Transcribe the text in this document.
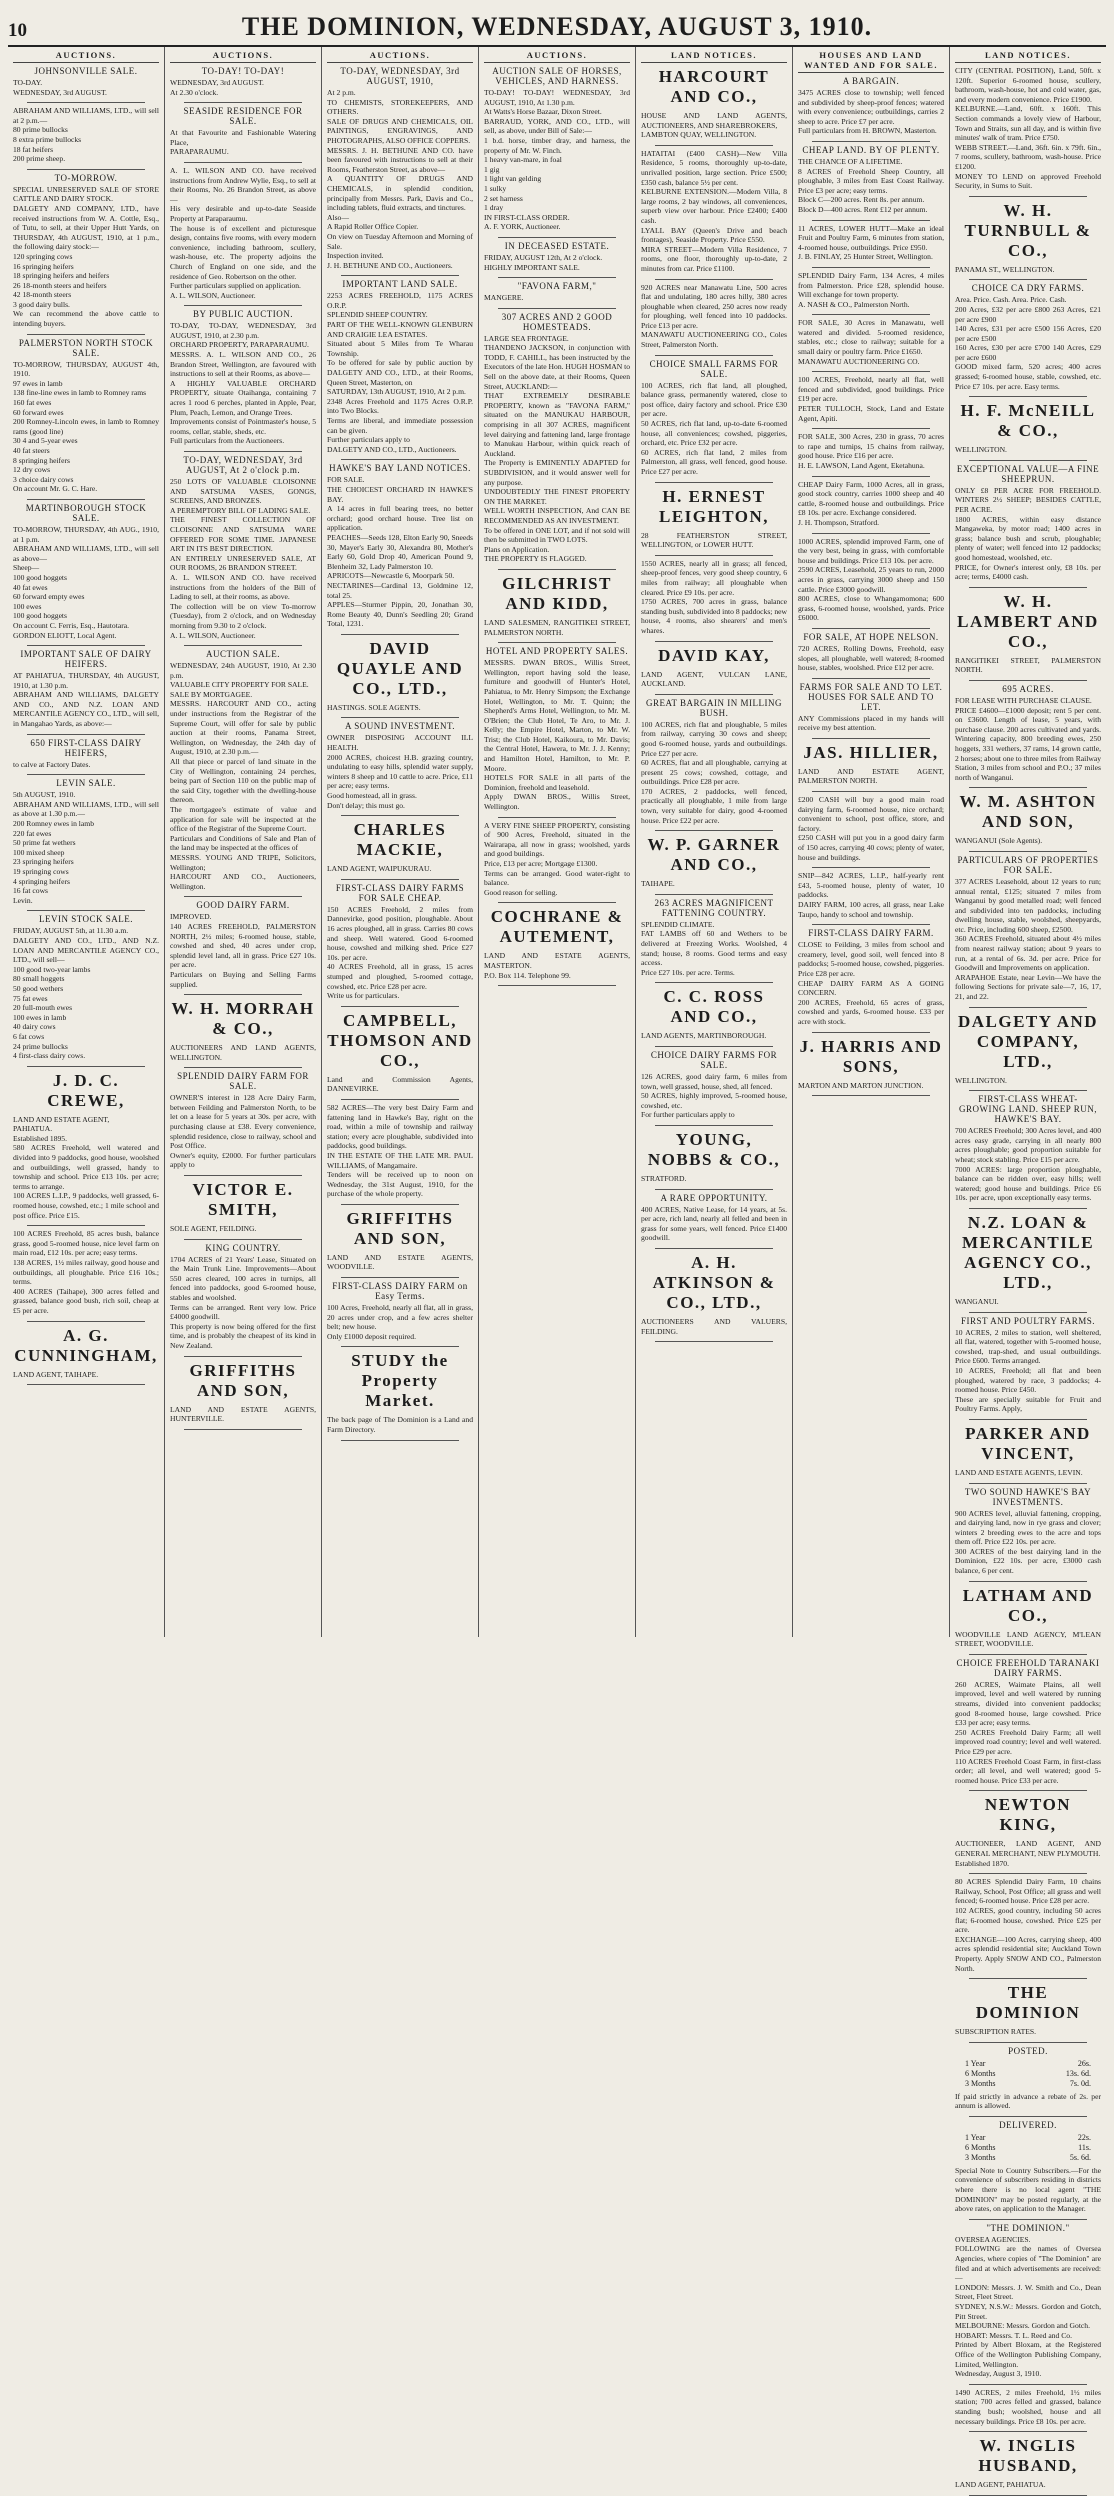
10	THE DOMINION, WEDNESDAY, AUGUST 3, 1910.
AUCTIONS.
JOHNSONVILLE SALE.

TO-DAY.

WEDNESDAY, 3rd AUGUST.

ABRAHAM AND WILLIAMS, LTD., will sell at 2 p.m.—

80 prime bullocks

8 extra prime bullocks

18 fat heifers

200 prime sheep.

TO-MORROW.

SPECIAL UNRESERVED SALE OF STORE CATTLE AND DAIRY STOCK.

DALGETY AND COMPANY, LTD., have received instructions from W. A. Cottle, Esq., of Tutu, to sell, at their Upper Hutt Yards, on THURSDAY, 4th AUGUST, 1910, at 1 p.m., the following dairy stock:—

120 springing cows

16 springing heifers

18 springing heifers and heifers

26 18-month steers and heifers

42 18-month steers

3 good dairy bulls.

We can recommend the above cattle to intending buyers.

PALMERSTON NORTH STOCK SALE.

TO-MORROW, THURSDAY, AUGUST 4th, 1910.

97 ewes in lamb

138 fine-line ewes in lamb to Romney rams

160 fat ewes

60 forward ewes

200 Romney-Lincoln ewes, in lamb to Romney rams (good line)

30 4 and 5-year ewes

40 fat steers

8 springing heifers

12 dry cows

3 choice dairy cows

On account Mr. G. C. Hare.

MARTINBOROUGH STOCK SALE.

TO-MORROW, THURSDAY, 4th AUG., 1910, at 1 p.m.

ABRAHAM AND WILLIAMS, LTD., will sell as above—

Sheep—

100 good hoggets

40 fat ewes

60 forward empty ewes

100 ewes

100 good hoggets

On account C. Ferris, Esq., Hautotara.

GORDON ELIOTT, Local Agent.

IMPORTANT SALE OF DAIRY HEIFERS.

AT PAHIATUA, THURSDAY, 4th AUGUST, 1910, at 1.30 p.m.

ABRAHAM AND WILLIAMS, DALGETY AND CO., AND N.Z. LOAN AND MERCANTILE AGENCY CO., LTD., will sell, in Mangahao Yards, as above:—

650 FIRST-CLASS DAIRY HEIFERS,

to calve at Factory Dates.

LEVIN SALE.

5th AUGUST, 1910.

ABRAHAM AND WILLIAMS, LTD., will sell as above at 1.30 p.m.—

200 Romney ewes in lamb

220 fat ewes

50 prime fat wethers

100 mixed sheep

23 springing heifers

19 springing cows

4 springing heifers

16 fat cows

Levin.

LEVIN STOCK SALE.

FRIDAY, AUGUST 5th, at 11.30 a.m.

DALGETY AND CO., LTD., AND N.Z. LOAN AND MERCANTILE AGENCY CO., LTD., will sell—

100 good two-year lambs

80 small hoggets

50 good wethers

75 fat ewes

20 full-mouth ewes

100 ewes in lamb

40 dairy cows

6 fat cows

24 prime bullocks

4 first-class dairy cows.

J. D. C. CREWE,

LAND AND ESTATE AGENT,

PAHIATUA.

Established 1895.

580 ACRES Freehold, well watered and divided into 9 paddocks, good house, woolshed and outbuildings, well grassed, handy to township and school. Price £13 10s. per acre; terms to arrange.

100 ACRES L.I.P., 9 paddocks, well grassed, 6-roomed house, cowshed, etc.; 1 mile school and post office. Price £15.

100 ACRES Freehold, 85 acres bush, balance grass, good 5-roomed house, nice level farm on main road, £12 10s. per acre; easy terms.

138 ACRES, 1½ miles railway, good house and outbuildings, all ploughable. Price £16 10s.; terms.

400 ACRES (Taihape), 300 acres felled and grassed, balance good bush, rich soil, cheap at £5 per acre.

A. G. CUNNINGHAM,

LAND AGENT, TAIHAPE.

AUCTIONS.
TO-DAY! TO-DAY!

WEDNESDAY, 3rd AUGUST.

At 2.30 o'clock.

SEASIDE RESIDENCE FOR SALE.

At that Favourite and Fashionable Watering Place,

PARAPARAUMU.

A. L. WILSON AND CO. have received instructions from Andrew Wylie, Esq., to sell at their Rooms, No. 26 Brandon Street, as above—

His very desirable and up-to-date Seaside Property at Paraparaumu.

The house is of excellent and picturesque design, contains five rooms, with every modern convenience, including bathroom, scullery, wash-house, etc. The property adjoins the Church of England on one side, and the residence of Geo. Robertson on the other.

Further particulars supplied on application.

A. L. WILSON, Auctioneer.

BY PUBLIC AUCTION.

TO-DAY, TO-DAY, WEDNESDAY, 3rd AUGUST, 1910, at 2.30 p.m.

ORCHARD PROPERTY, PARAPARAUMU.

MESSRS. A. L. WILSON AND CO., 26 Brandon Street, Wellington, are favoured with instructions to sell at their Rooms, as above—

A HIGHLY VALUABLE ORCHARD PROPERTY, situate Otaihanga, containing 7 acres 1 rood 6 perches, planted in Apple, Pear, Plum, Peach, Lemon, and Orange Trees.

Improvements consist of Pointmaster's house, 5 rooms, cellar, stable, sheds, etc.

Full particulars from the Auctioneers.

TO-DAY, WEDNESDAY, 3rd AUGUST, At 2 o'clock p.m.

250 LOTS OF VALUABLE CLOISONNE AND SATSUMA VASES, GONGS, SCREENS, AND BRONZES.

A PEREMPTORY BILL OF LADING SALE.

THE FINEST COLLECTION OF CLOISONNE AND SATSUMA WARE OFFERED FOR SOME TIME. JAPANESE ART IN ITS BEST DIRECTION.

AN ENTIRELY UNRESERVED SALE, AT OUR ROOMS, 26 BRANDON STREET.

A. L. WILSON AND CO. have received instructions from the holders of the Bill of Lading to sell, at their rooms, as above.

The collection will be on view To-morrow (Tuesday), from 2 o'clock, and on Wednesday morning from 9.30 to 2 o'clock.

A. L. WILSON, Auctioneer.

AUCTION SALE.

WEDNESDAY, 24th AUGUST, 1910, At 2.30 p.m.

VALUABLE CITY PROPERTY FOR SALE.

SALE BY MORTGAGEE.

MESSRS. HARCOURT AND CO., acting under instructions from the Registrar of the Supreme Court, will offer for sale by public auction at their rooms, Panama Street, Wellington, on Wednesday, the 24th day of August, 1910, at 2.30 p.m.—

All that piece or parcel of land situate in the City of Wellington, containing 24 perches, being part of Section 110 on the public map of the said City, together with the dwelling-house thereon.

The mortgagee's estimate of value and application for sale will be inspected at the office of the Registrar of the Supreme Court.

Particulars and Conditions of Sale and Plan of the land may be inspected at the offices of

MESSRS. YOUNG AND TRIPE, Solicitors, Wellington;

HARCOURT AND CO., Auctioneers, Wellington.

GOOD DAIRY FARM.

IMPROVED.

140 ACRES FREEHOLD, PALMERSTON NORTH, 2½ miles; 6-roomed house, stable, cowshed and shed, 40 acres under crop, splendid level land, all in grass. Price £27 10s. per acre.

Particulars on Buying and Selling Farms supplied.

W. H. MORRAH & CO.,

AUCTIONEERS AND LAND AGENTS, WELLINGTON.

SPLENDID DAIRY FARM FOR SALE.

OWNER'S interest in 128 Acre Dairy Farm, between Feilding and Palmerston North, to be let on a lease for 5 years at 30s. per acre, with purchasing clause at £38. Every convenience, splendid residence, close to railway, school and Post Office.

Owner's equity, £2000. For further particulars apply to

VICTOR E. SMITH,

SOLE AGENT, FEILDING.

KING COUNTRY.

1704 ACRES of 21 Years' Lease, Situated on the Main Trunk Line. Improvements—About 550 acres cleared, 100 acres in turnips, all fenced into paddocks, good 6-roomed house, stables and woolshed.

Terms can be arranged. Rent very low. Price £4000 goodwill.

This property is now being offered for the first time, and is probably the cheapest of its kind in New Zealand.

GRIFFITHS AND SON,

LAND AND ESTATE AGENTS, HUNTERVILLE.

AUCTIONS.
TO-DAY, WEDNESDAY, 3rd AUGUST, 1910,

At 2 p.m.

TO CHEMISTS, STOREKEEPERS, AND OTHERS.

SALE OF DRUGS AND CHEMICALS, OIL PAINTINGS, ENGRAVINGS, AND PHOTOGRAPHS, ALSO OFFICE COPPERS.

MESSRS. J. H. BETHUNE AND CO. have been favoured with instructions to sell at their Rooms, Featherston Street, as above—

A QUANTITY OF DRUGS AND CHEMICALS, in splendid condition, principally from Messrs. Park, Davis and Co., including tablets, fluid extracts, and tinctures.

Also—

A Rapid Roller Office Copier.

On view on Tuesday Afternoon and Morning of Sale.

Inspection invited.

J. H. BETHUNE AND CO., Auctioneers.

IMPORTANT LAND SALE.

2253 ACRES FREEHOLD, 1175 ACRES O.R.P.

SPLENDID SHEEP COUNTRY.

PART OF THE WELL-KNOWN GLENBURN AND CRAIGIE LEA ESTATES.

Situated about 5 Miles from Te Wharau Township.

To be offered for sale by public auction by DALGETY AND CO., LTD., at their Rooms, Queen Street, Masterton, on

SATURDAY, 13th AUGUST, 1910, At 2 p.m.

2348 Acres Freehold and 1175 Acres O.R.P. into Two Blocks.

Terms are liberal, and immediate possession can be given.

Further particulars apply to

DALGETY AND CO., LTD., Auctioneers.

HAWKE'S BAY LAND NOTICES.

FOR SALE.

THE CHOICEST ORCHARD IN HAWKE'S BAY.

A 14 acres in full bearing trees, no better orchard; good orchard house. Tree list on application.

PEACHES—Seeds 128, Elton Early 90, Sneeds 30, Mayer's Early 30, Alexandra 80, Mother's Early 60, Gold Drop 40, American Pound 9, Blenheim 32, Lady Palmerston 10.

APRICOTS—Newcastle 6, Moorpark 50.

NECTARINES—Cardinal 13, Goldmine 12, total 25.

APPLES—Sturmer Pippin, 20, Jonathan 30, Rome Beauty 40, Dunn's Seedling 20; Grand Total, 1231.

DAVID QUAYLE AND CO., LTD.,

HASTINGS. SOLE AGENTS.

A SOUND INVESTMENT.

OWNER DISPOSING ACCOUNT ILL HEALTH.

2000 ACRES, choicest H.B. grazing country, undulating to easy hills, splendid water supply, winters 8 sheep and 10 cattle to acre. Price, £11 per acre; easy terms.

Good homestead, all in grass.

Don't delay; this must go.

CHARLES MACKIE,

LAND AGENT, WAIPUKURAU.

FIRST-CLASS DAIRY FARMS FOR SALE CHEAP.

150 ACRES Freehold, 2 miles from Dannevirke, good position, ploughable. About 16 acres ploughed, all in grass. Carries 80 cows and sheep. Well watered. Good 6-roomed house, cowshed and milking shed. Price £27 10s. per acre.

40 ACRES Freehold, all in grass, 15 acres stumped and ploughed, 5-roomed cottage, cowshed, etc. Price £28 per acre.

Write us for particulars.

CAMPBELL, THOMSON AND CO.,

Land and Commission Agents, DANNEVIRKE.

582 ACRES—The very best Dairy Farm and fattening land in Hawke's Bay, right on the road, within a mile of township and railway station; every acre ploughable, subdivided into paddocks, good buildings.

IN THE ESTATE OF THE LATE MR. PAUL WILLIAMS, of Mangamaire.

Tenders will be received up to noon on Wednesday, the 31st August, 1910, for the purchase of the whole property.

GRIFFITHS AND SON,

LAND AND ESTATE AGENTS, WOODVILLE.

FIRST-CLASS DAIRY FARM on Easy Terms.

100 Acres, Freehold, nearly all flat, all in grass, 20 acres under crop, and a few acres shelter belt; new house.

Only £1000 deposit required.

STUDY the Property Market.

The back page of The Dominion is a Land and Farm Directory.

AUCTIONS.
AUCTION SALE OF HORSES, VEHICLES, AND HARNESS.

TO-DAY! TO-DAY! WEDNESDAY, 3rd AUGUST, 1910, At 1.30 p.m.

At Watts's Horse Bazaar, Dixon Street.

BARRAUD, YORK, AND CO., LTD., will sell, as above, under Bill of Sale:—

1 b.d. horse, timber dray, and harness, the property of Mr. W. Finch.

1 heavy van-mare, in foal

1 gig

1 light van gelding

1 sulky

2 set harness

1 dray

IN FIRST-CLASS ORDER.

A. F. YORK, Auctioneer.

IN DECEASED ESTATE.

FRIDAY, AUGUST 12th, At 2 o'clock.

HIGHLY IMPORTANT SALE.

"FAVONA FARM,"

MANGERE.

307 ACRES AND 2 GOOD HOMESTEADS.

LARGE SEA FRONTAGE.

THANDENO JACKSON, in conjunction with TODD, F. CAHILL, has been instructed by the Executors of the late Hon. HUGH HOSMAN to Sell on the above date, at their Rooms, Queen Street, AUCKLAND:—

THAT EXTREMELY DESIRABLE PROPERTY, known as "FAVONA FARM," situated on the MANUKAU HARBOUR, comprising in all 307 ACRES, magnificent level dairying and fattening land, large frontage to Manukau Harbour, within quick reach of Auckland.

The Property is EMINENTLY ADAPTED for SUBDIVISION, and it would answer well for any purpose.

UNDOUBTEDLY THE FINEST PROPERTY ON THE MARKET.

WELL WORTH INSPECTION, And CAN BE RECOMMENDED AS AN INVESTMENT.

To be offered in ONE LOT, and if not sold will then be submitted in TWO LOTS.

Plans on Application.

THE PROPERTY IS FLAGGED.

GILCHRIST AND KIDD,

LAND SALESMEN, RANGITIKEI STREET, PALMERSTON NORTH.

HOTEL AND PROPERTY SALES.

MESSRS. DWAN BROS., Willis Street, Wellington, report having sold the lease, furniture and goodwill of Hunter's Hotel, Pahiatua, to Mr. Henry Simpson; the Exchange Hotel, Wellington, to Mr. T. Quinn; the Shepherd's Arms Hotel, Wellington, to Mr. M. O'Brien; the Club Hotel, Te Aro, to Mr. J. Kelly; the Empire Hotel, Marton, to Mr. W. Trist; the Club Hotel, Kaikoura, to Mr. Davis; the Central Hotel, Hawera, to Mr. J. J. Kenny; and Hamilton Hotel, Hamilton, to Mr. P. Moore.

HOTELS FOR SALE in all parts of the Dominion, freehold and leasehold.

Apply DWAN BROS., Willis Street, Wellington.

A VERY FINE SHEEP PROPERTY, consisting of 900 Acres, Freehold, situated in the Wairarapa, all now in grass; woolshed, yards and good buildings.

Price, £13 per acre; Mortgage £1300.

Terms can be arranged. Good water-right to balance.

Good reason for selling.

COCHRANE & AUTEMENT,

LAND AND ESTATE AGENTS, MASTERTON.

P.O. Box 114. Telephone 99.

LAND NOTICES.
HARCOURT AND CO.,

HOUSE AND LAND AGENTS, AUCTIONEERS, AND SHAREBROKERS,

LAMBTON QUAY, WELLINGTON.

HATAITAI (£400 CASH)—New Villa Residence, 5 rooms, thoroughly up-to-date, unrivalled position, large section. Price £500; £350 cash, balance 5½ per cent.

KELBURNE EXTENSION.—Modern Villa, 8 large rooms, 2 bay windows, all conveniences, superb view over harbour. Price £2400; £400 cash.

LYALL BAY (Queen's Drive and beach frontages), Seaside Property. Price £550.

MIRA STREET—Modern Villa Residence, 7 rooms, one floor, thoroughly up-to-date, 2 minutes from car. Price £1100.

920 ACRES near Manawatu Line, 500 acres flat and undulating, 180 acres hilly, 380 acres ploughable when cleared, 250 acres now ready for ploughing, well fenced into 10 paddocks. Price £13 per acre.

MANAWATU AUCTIONEERING CO., Coles Street, Palmerston North.

CHOICE SMALL FARMS FOR SALE.

100 ACRES, rich flat land, all ploughed, balance grass, permanently watered, close to post office, dairy factory and school. Price £30 per acre.

50 ACRES, rich flat land, up-to-date 6-roomed house, all conveniences; cowshed, piggeries, orchard, etc. Price £32 per acre.

60 ACRES, rich flat land, 2 miles from Palmerston, all grass, well fenced, good house. Price £27 per acre.

H. ERNEST LEIGHTON,

28 FEATHERSTON STREET, WELLINGTON, or LOWER HUTT.

1550 ACRES, nearly all in grass; all fenced, sheep-proof fences, very good sheep country, 6 miles from railway; all ploughable when cleared. Price £9 10s. per acre.

1750 ACRES, 700 acres in grass, balance standing bush, subdivided into 8 paddocks; new house, 4 rooms, also shearers' and men's whares.

DAVID KAY,

LAND AGENT, VULCAN LANE, AUCKLAND.

GREAT BARGAIN IN MILLING BUSH.

100 ACRES, rich flat and ploughable, 5 miles from railway, carrying 30 cows and sheep; good 6-roomed house, yards and outbuildings. Price £27 per acre.

60 ACRES, flat and all ploughable, carrying at present 25 cows; cowshed, cottage, and outbuildings. Price £28 per acre.

170 ACRES, 2 paddocks, well fenced, practically all ploughable, 1 mile from large town, very suitable for dairy, good 4-roomed house. Price £22 per acre.

W. P. GARNER AND CO.,

TAIHAPE.

263 ACRES MAGNIFICENT FATTENING COUNTRY.

SPLENDID CLIMATE.

FAT LAMBS off 60 and Wethers to be delivered at Freezing Works. Woolshed, 4 stand; house, 8 rooms. Good terms and easy access.

Price £27 10s. per acre. Terms.

C. C. ROSS AND CO.,

LAND AGENTS, MARTINBOROUGH.

CHOICE DAIRY FARMS FOR SALE.

126 ACRES, good dairy farm, 6 miles from town, well grassed, house, shed, all fenced.

50 ACRES, highly improved, 5-roomed house, cowshed, etc.

For further particulars apply to

YOUNG, NOBBS & CO.,

STRATFORD.

A RARE OPPORTUNITY.

400 ACRES, Native Lease, for 14 years, at 5s. per acre, rich land, nearly all felled and been in grass for some years, well fenced. Price £1400 goodwill.

A. H. ATKINSON & CO., LTD.,

AUCTIONEERS AND VALUERS, FEILDING.

HOUSES AND LAND WANTED AND FOR SALE.
A BARGAIN.

3475 ACRES close to township; well fenced and subdivided by sheep-proof fences; watered with every convenience; outbuildings, carries 2 sheep to acre. Price £7 per acre.

Full particulars from H. BROWN, Masterton.

CHEAP LAND. BY OF PLENTY.

THE CHANCE OF A LIFETIME.

8 ACRES of Freehold Sheep Country, all ploughable, 3 miles from East Coast Railway. Price £3 per acre; easy terms.

Block C—200 acres. Rent 8s. per annum.

Block D—400 acres. Rent £12 per annum.

11 ACRES, LOWER HUTT—Make an ideal Fruit and Poultry Farm, 6 minutes from station, 4-roomed house, outbuildings. Price £950.

J. B. FINLAY, 25 Hunter Street, Wellington.

SPLENDID Dairy Farm, 134 Acres, 4 miles from Palmerston. Price £28, splendid house. Will exchange for town property.

A. NASH & CO., Palmerston North.

FOR SALE, 30 Acres in Manawatu, well watered and divided. 5-roomed residence, stables, etc.; close to railway; suitable for a small dairy or poultry farm. Price £1650.

MANAWATU AUCTIONEERING CO.

100 ACRES, Freehold, nearly all flat, well fenced and subdivided, good buildings. Price £19 per acre.

PETER TULLOCH, Stock, Land and Estate Agent, Apiti.

FOR SALE, 300 Acres, 230 in grass, 70 acres to rape and turnips, 15 chains from railway, good house. Price £16 per acre.

H. E. LAWSON, Land Agent, Eketahuna.

CHEAP Dairy Farm, 1000 Acres, all in grass, good stock country, carries 1000 sheep and 40 cattle, 8-roomed house and outbuildings. Price £8 10s. per acre. Exchange considered.

J. H. Thompson, Stratford.

1000 ACRES, splendid improved Farm, one of the very best, being in grass, with comfortable house and buildings. Price £13 10s. per acre.

2590 ACRES, Leasehold, 25 years to run, 2000 acres in grass, carrying 3000 sheep and 150 cattle. Price £3000 goodwill.

800 ACRES, close to Whangamomona; 600 grass, 6-roomed house, woolshed, yards. Price £6000.

FOR SALE, AT HOPE NELSON.

720 ACRES, Rolling Downs, Freehold, easy slopes, all ploughable, well watered; 8-roomed house, stables, woolshed. Price £12 per acre.

FARMS FOR SALE AND TO LET. HOUSES FOR SALE AND TO LET.

ANY Commissions placed in my hands will receive my best attention.

JAS. HILLIER,

LAND AND ESTATE AGENT, PALMERSTON NORTH.

£200 CASH will buy a good main road dairying farm, 6-roomed house, nice orchard; convenient to school, post office, store, and factory.

£250 CASH will put you in a good dairy farm of 150 acres, carrying 40 cows; plenty of water, house and buildings.

SNIP—842 ACRES, L.I.P., half-yearly rent £43, 5-roomed house, plenty of water, 10 paddocks.

DAIRY FARM, 100 acres, all grass, near Lake Taupo, handy to school and township.

FIRST-CLASS DAIRY FARM.

CLOSE to Feilding, 3 miles from school and creamery, level, good soil, well fenced into 8 paddocks; 5-roomed house, cowshed, piggeries. Price £28 per acre.

CHEAP DAIRY FARM AS A GOING CONCERN.

200 ACRES, Freehold, 65 acres of grass, cowshed and yards, 6-roomed house. £33 per acre with stock.

J. HARRIS AND SONS,

MARTON AND MARTON JUNCTION.

LAND NOTICES.

CITY (CENTRAL POSITION), Land, 50ft. x 120ft. Superior 6-roomed house, scullery, bathroom, wash-house, hot and cold water, gas, and every modern convenience. Price £1900.

KELBURNE.—Land, 60ft. x 160ft. This Section commands a lovely view of Harbour, Town and Straits, sun all day, and is within five minutes' walk of tram. Price £750.

WEBB STREET.—Land, 36ft. 6in. x 79ft. 6in., 7 rooms, scullery, bathroom, wash-house. Price £1200.

MONEY TO LEND on approved Freehold Security, in Sums to Suit.

W. H. TURNBULL & CO.,

PANAMA ST., WELLINGTON.

CHOICE CA DRY FARMS.

Area. Price. Cash. Area. Price. Cash.

200 Acres, £32 per acre £800 263 Acres, £21 per acre £900

140 Acres, £31 per acre £500 156 Acres, £20 per acre £500

160 Acres, £30 per acre £700 140 Acres, £29 per acre £600

GOOD mixed farm, 520 acres; 400 acres grassed; 6-roomed house, stable, cowshed, etc. Price £7 10s. per acre. Easy terms.

H. F. McNEILL & CO.,

WELLINGTON.

EXCEPTIONAL VALUE—A FINE SHEEPRUN.

ONLY £8 PER ACRE FOR FREEHOLD. WINTERS 2½ SHEEP; BESIDES CATTLE, PER ACRE.

1800 ACRES, within easy distance Mangaweka, by motor road; 1400 acres in grass; balance bush and scrub, ploughable; plenty of water; well fenced into 12 paddocks; good homestead, woolshed, etc.

PRICE, for Owner's interest only, £8 10s. per acre; terms, £4000 cash.

W. H. LAMBERT AND CO.,

RANGITIKEI STREET, PALMERSTON NORTH.

695 ACRES.

FOR LEASE WITH PURCHASE CLAUSE.

PRICE £4600—£1000 deposit; rent 5 per cent. on £3600. Length of lease, 5 years, with purchase clause. 200 acres cultivated and yards. Wintering capacity, 800 breeding ewes, 250 hoggets, 331 wethers, 37 rams, 14 grown cattle, 2 horses; about one to three miles from Railway Station, 3 miles from school and P.O.; 37 miles north of Wanganui.

W. M. ASHTON AND SON,

WANGANUI (Sole Agents).

PARTICULARS OF PROPERTIES FOR SALE.

377 ACRES Leasehold, about 12 years to run; annual rental, £125; situated 7 miles from Wanganui by good metalled road; well fenced and subdivided into ten paddocks, including dwelling house, stable, woolshed, sheepyards, etc. Price, including 600 sheep, £2500.

360 ACRES Freehold, situated about 4½ miles from nearest railway station; about 9 years to run, at a rental of 6s. 3d. per acre. Price for Goodwill and Improvements on application.

ARAPAHOE Estate, near Levin—We have the following Sections for private sale—7, 16, 17, 21, and 22.

DALGETY AND COMPANY, LTD.,

WELLINGTON.

FIRST-CLASS WHEAT-GROWING LAND. SHEEP RUN, HAWKE'S BAY.

700 ACRES Freehold; 300 Acres level, and 400 acres easy grade, carrying in all nearly 800 acres ploughable; good proportion suitable for wheat; stock stabling. Price £15 per acre.

7000 ACRES: large proportion ploughable, balance can be ridden over, easy hills; well watered; good house and buildings. Price £6 10s. per acre, upon exceptionally easy terms.

N.Z. LOAN & MERCANTILE AGENCY CO., LTD.,

WANGANUI.

FIRST AND POULTRY FARMS.

10 ACRES, 2 miles to station, well sheltered, all flat, watered, together with 5-roomed house, cowshed, trap-shed, and usual outbuildings. Price £600. Terms arranged.

10 ACRES, Freehold; all flat and been ploughed, watered by race, 3 paddocks; 4-roomed house. Price £450.

These are specially suitable for Fruit and Poultry Farms. Apply,

PARKER AND VINCENT,

LAND AND ESTATE AGENTS, LEVIN.

TWO SOUND HAWKE'S BAY INVESTMENTS.

900 ACRES level, alluvial fattening, cropping, and dairying land, now in rye grass and clover; winters 2 breeding ewes to the acre and tops them off. Price £22 10s. per acre.

300 ACRES of the best dairying land in the Dominion, £22 10s. per acre, £3000 cash balance, 6 per cent.

LATHAM AND CO.,

WOODVILLE LAND AGENCY, M'LEAN STREET, WOODVILLE.

CHOICE FREEHOLD TARANAKI DAIRY FARMS.

260 ACRES, Waimate Plains, all well improved, level and well watered by running streams, divided into convenient paddocks; good 8-roomed house, large cowshed. Price £33 per acre; easy terms.

250 ACRES Freehold Dairy Farm; all well improved road country; level and well watered. Price £29 per acre.

110 ACRES Freehold Coast Farm, in first-class order; all level, and well watered; good 5-roomed house. Price £33 per acre.

NEWTON KING,

AUCTIONEER, LAND AGENT, AND GENERAL MERCHANT, NEW PLYMOUTH.

Established 1870.

80 ACRES Splendid Dairy Farm, 10 chains Railway, School, Post Office; all grass and well fenced; 6-roomed house. Price £28 per acre.

102 ACRES, good country, including 50 acres flat; 6-roomed house, cowshed. Price £25 per acre.

EXCHANGE—100 Acres, carrying sheep, 400 acres splendid residential site; Auckland Town Property. Apply SNOW AND CO., Palmerston North.

THE DOMINION

SUBSCRIPTION RATES.

POSTED.
1 Year	26s.
6 Months	13s. 6d.
3 Months	7s. 0d.

If paid strictly in advance a rebate of 2s. per annum is allowed.

DELIVERED.
1 Year	22s.
6 Months	11s.
3 Months	5s. 6d.

Special Note to Country Subscribers.—For the convenience of subscribers residing in districts where there is no local agent "THE DOMINION" may be posted regularly, at the above rates, on application to the Manager.

"THE DOMINION."

OVERSEA AGENCIES.

FOLLOWING are the names of Oversea Agencies, where copies of "The Dominion" are filed and at which advertisements are received:—

LONDON: Messrs. J. W. Smith and Co., Dean Street, Fleet Street.

SYDNEY, N.S.W.: Messrs. Gordon and Gotch, Pitt Street.

MELBOURNE: Messrs. Gordon and Gotch.

HOBART: Messrs. T. L. Reed and Co.

Printed by Albert Bloxam, at the Registered Office of the Wellington Publishing Company, Limited, Wellington.

Wednesday, August 3, 1910.

1490 ACRES, 2 miles Freehold, 1½ miles station; 700 acres felled and grassed, balance standing bush; woolshed, house and all necessary buildings. Price £8 10s. per acre.

W. INGLIS HUSBAND,

LAND AGENT, PAHIATUA.
